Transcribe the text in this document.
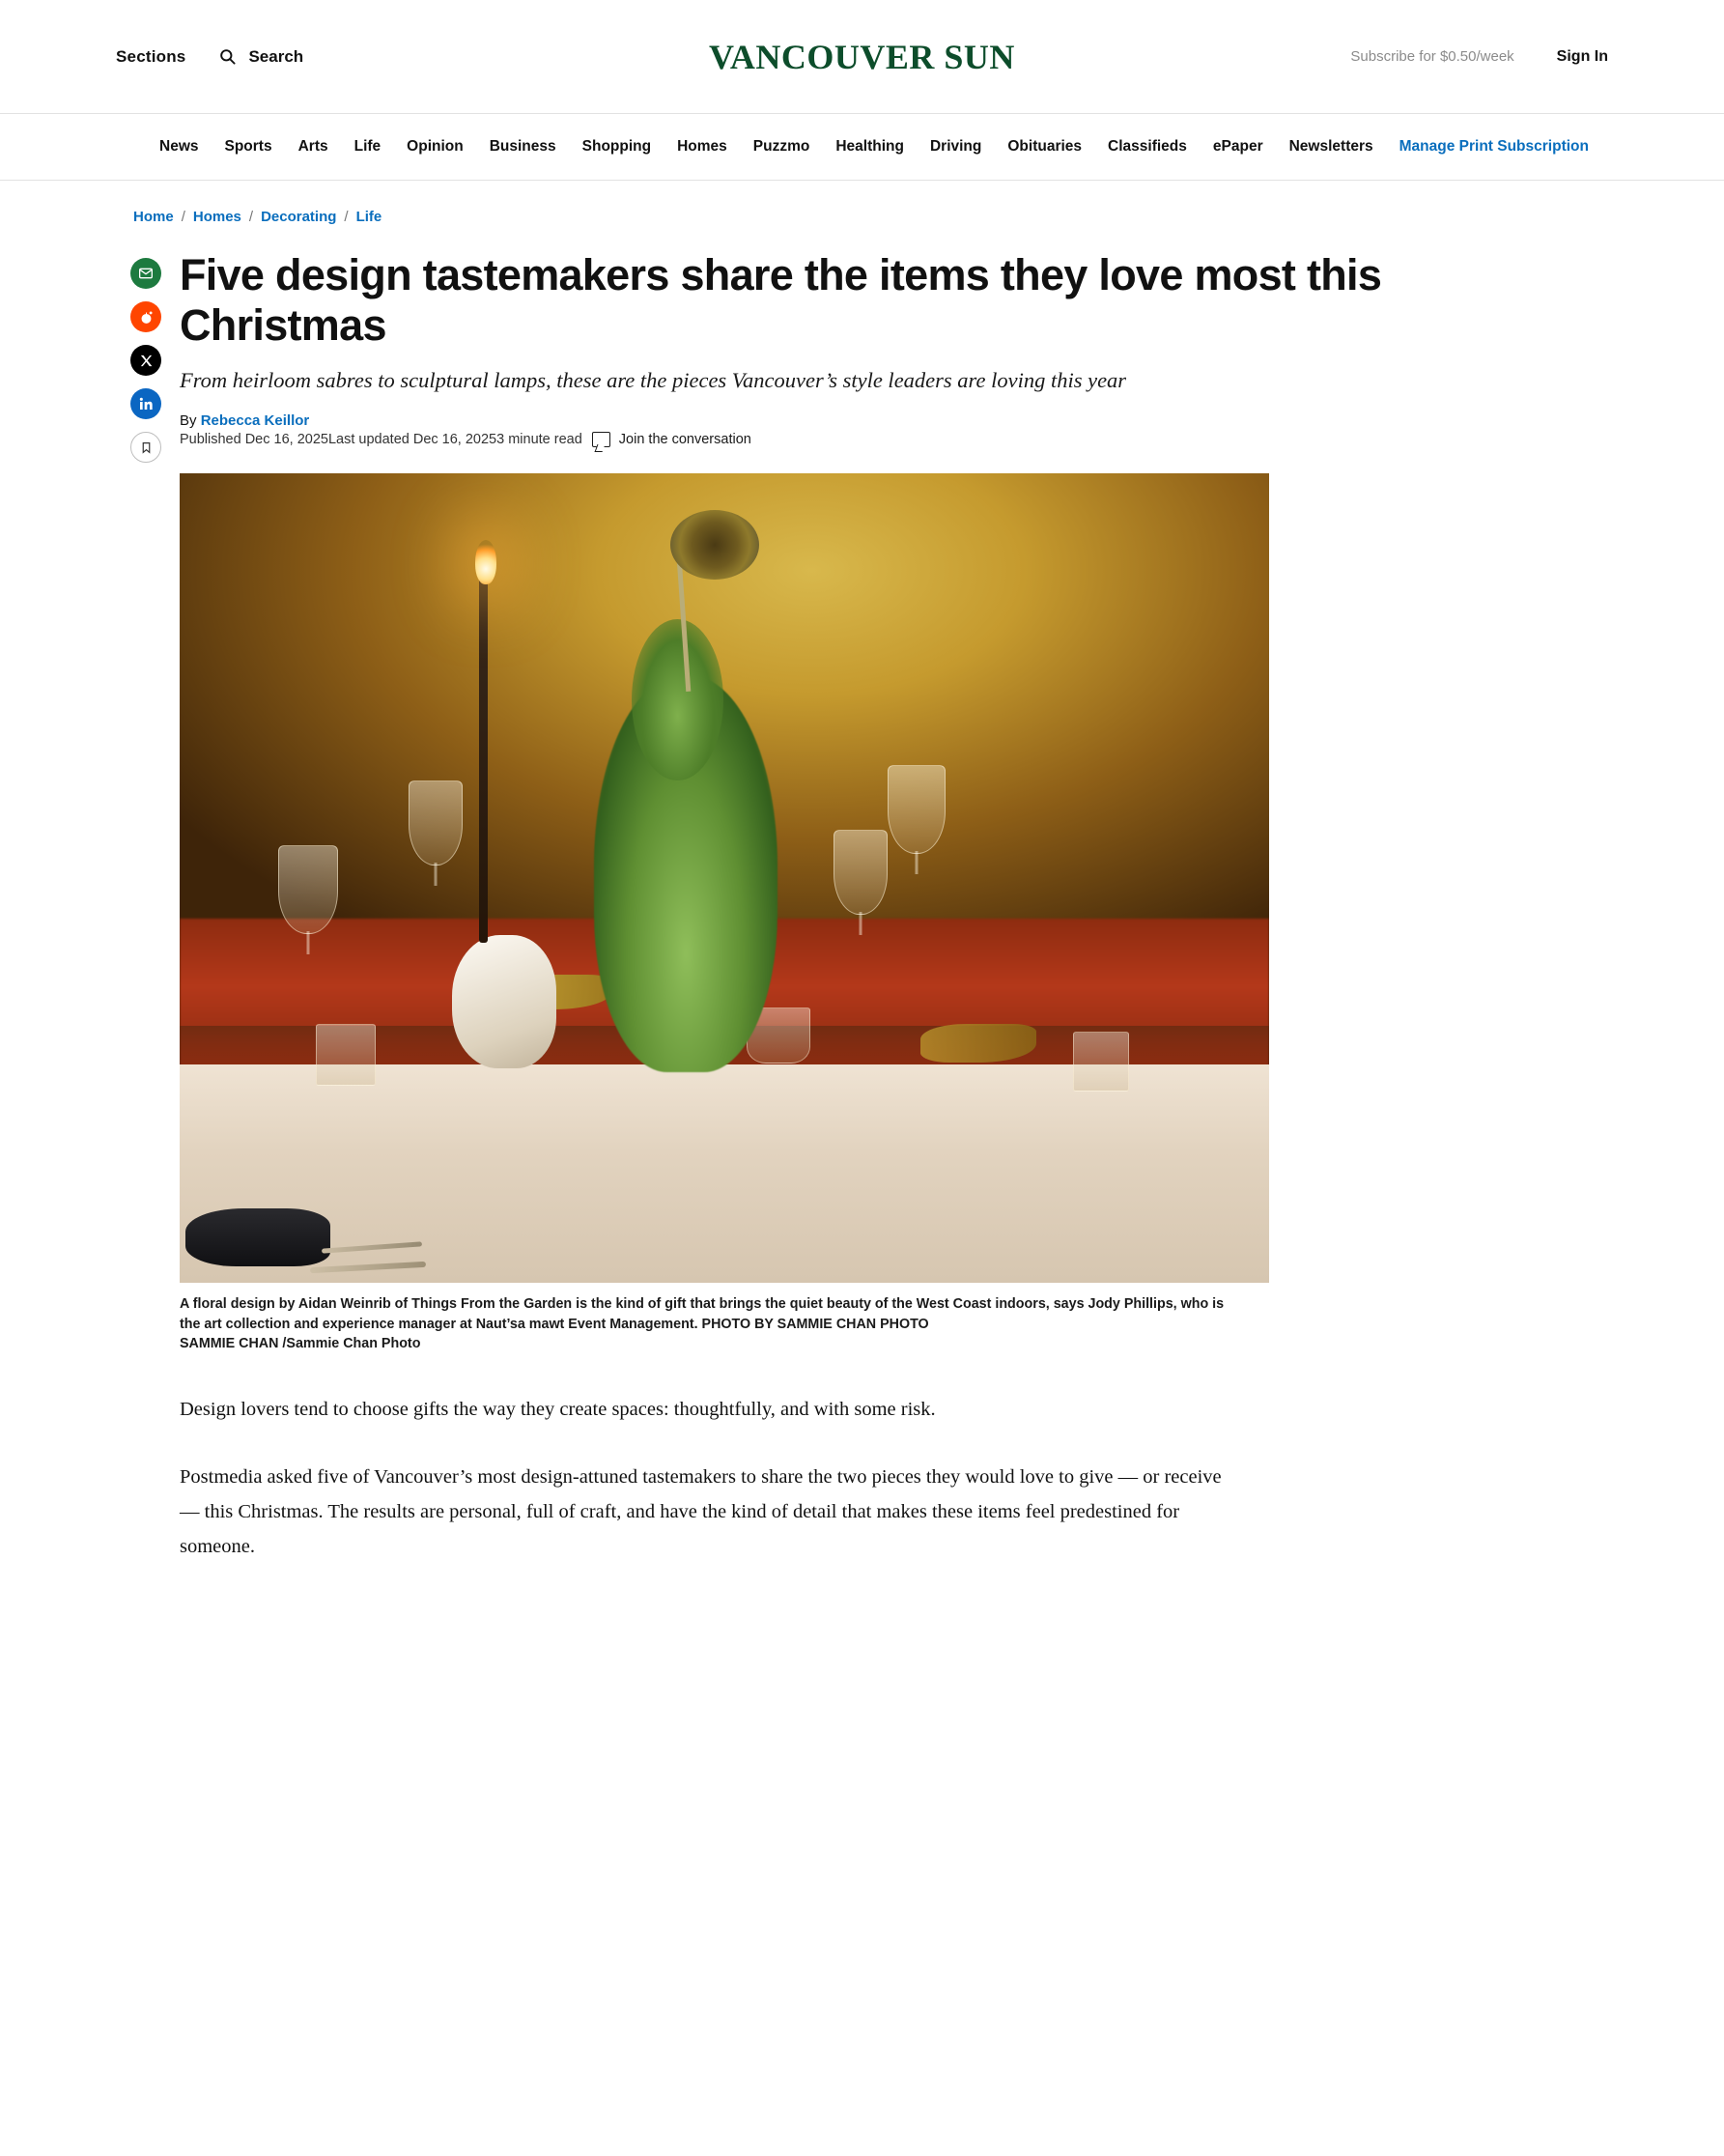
Sections	Search	VANCOUVER SUN	Subscribe for $0.50/week	Sign In
News Sports Arts Life Opinion Business Shopping Homes Puzzmo Healthing Driving Obituaries Classifieds ePaper Newsletters Manage Print Subscription
Home / Homes / Decorating / Life
Five design tastemakers share the items they love most this Christmas

From heirloom sabres to sculptural lamps, these are the pieces Vancouver’s style leaders are loving this year

By Rebecca Keillor
Published Dec 16, 2025 Last updated Dec 16, 2025 3 minute read	Join the conversation
A floral design by Aidan Weinrib of Things From the Garden is the kind of gift that brings the quiet beauty of the West Coast indoors, says Jody Phillips, who is the art collection and experience manager at Naut’sa mawt Event Management. PHOTO BY SAMMIE CHAN PHOTO
SAMMIE CHAN /Sammie Chan Photo

Design lovers tend to choose gifts the way they create spaces: thoughtfully, and with some risk.

Postmedia asked five of Vancouver’s most design-attuned tastemakers to share the two pieces they would love to give — or receive — this Christmas. The results are personal, full of craft, and have the kind of detail that makes these items feel predestined for someone.
